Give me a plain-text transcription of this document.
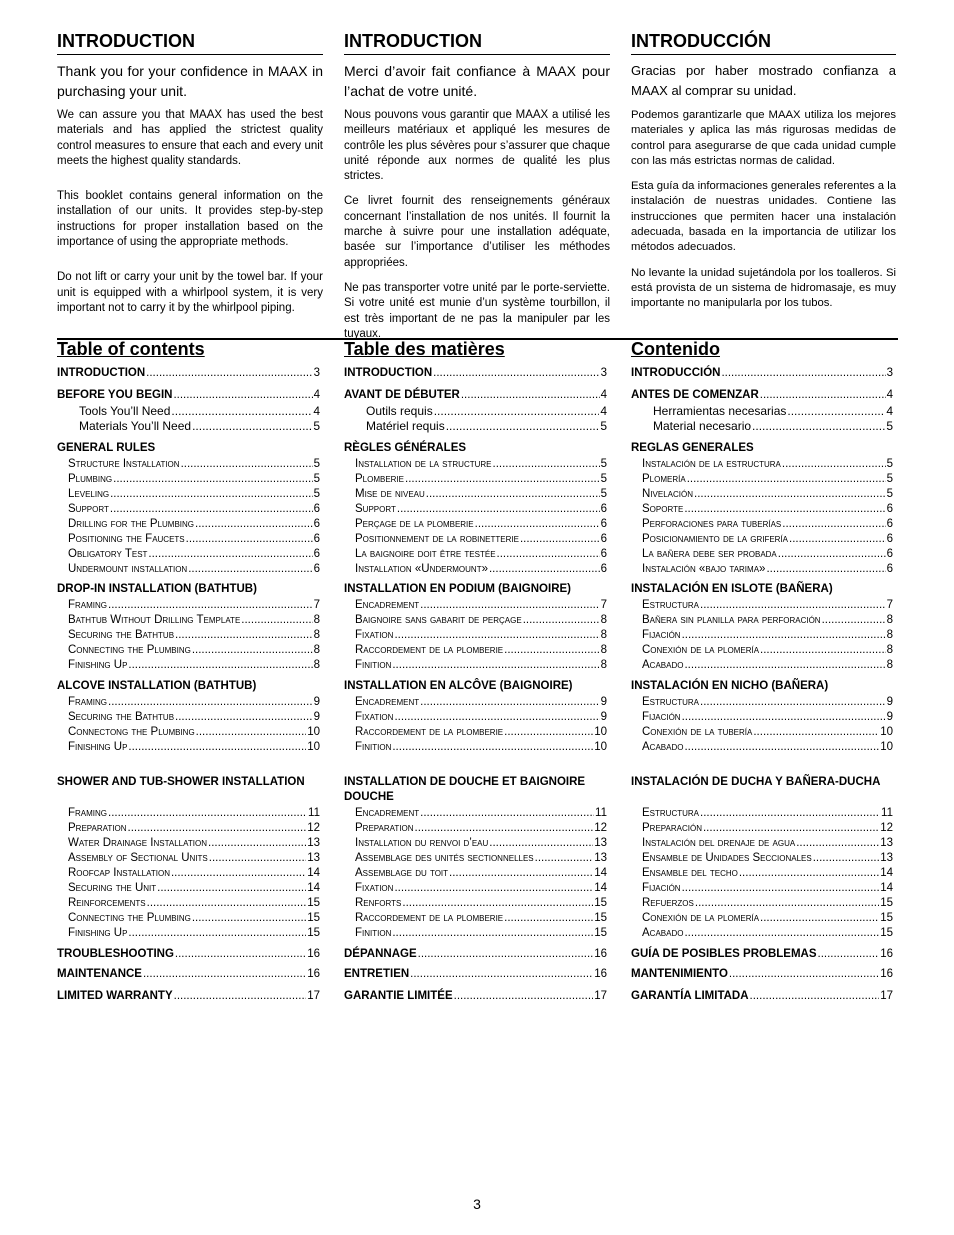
INTRODUCTION

Thank you for your confidence in MAAX in purchasing your unit.

We can assure you that MAAX has used the best materials and has applied the strictest quality control measures to ensure that each and every unit meets the highest quality standards.

This booklet contains general information on the installation of our units. It provides step-by-step instructions for proper installation based on the importance of using the appropriate methods.

Do not lift or carry your unit by the towel bar. If your unit is equipped with a whirlpool system, it is very important not to carry it by the whirlpool piping.

INTRODUCTION

Merci d’avoir fait confiance à MAAX pour l’achat de votre unité.

Nous pouvons vous garantir que MAAX a utilisé les meilleurs matériaux et appliqué les mesures de contrôle les plus sévères pour s’assurer que chaque unité réponde aux normes de qualité les plus strictes.

Ce livret fournit des renseignements généraux concernant l’installation de nos unités. Il fournit la marche à suivre pour une installation adéquate, basée sur l’importance d’utiliser les méthodes appropriées.

Ne pas transporter votre unité par le porte-serviette. Si votre unité est munie d’un système tourbillon, il est très important de ne pas la manipuler par les tuyaux.

INTRODUCCIÓN

Gracias por haber mostrado confianza a MAAX al comprar su unidad.

Podemos garantizarle que MAAX utiliza los mejores materiales y aplica las más rigurosas medidas de control para asegurarse de que cada unidad cumple con las más estrictas normas de calidad.

Esta guía da informaciones generales referentes a la instalación de nuestras unidades. Contiene las instrucciones que permiten hacer una instalación adecuada, basada en la importancia de utilizar los métodos adecuados.

No levante la unidad sujetándola por los toalleros. Si está provista de un sistema de hidromasaje, es muy importante no manipularla por los tubos.

Table of contents
INTRODUCTION .....	3
BEFORE YOU BEGIN .....	4
Tools You’ll Need .....	4
Materials You’ll Need .....	5
GENERAL RULES
Structure Installation .....	5
Plumbing .....	5
Leveling .....	5
Support .....	6
Drilling for the Plumbing .....	6
Positioning the Faucets .....	6
Obligatory Test .....	6
Undermount installation .....	6
DROP-IN INSTALLATION (BATHTUB)
Framing .....	7
Bathtub Without Drilling Template .....	8
Securing the Bathtub .....	8
Connecting the Plumbing .....	8
Finishing Up .....	8
ALCOVE INSTALLATION (BATHTUB)
Framing .....	9
Securing the Bathtub .....	9
Connectong the Plumbing .....	10
Finishing Up .....	10
SHOWER AND TUB-SHOWER INSTALLATION
Framing .....	11
Preparation .....	12
Water Drainage Installation .....	13
Assembly of Sectional Units .....	13
Roofcap Installation .....	14
Securing the Unit .....	14
Reinforcements .....	15
Connecting the Plumbing .....	15
Finishing Up .....	15
TROUBLESHOOTING .....	16
MAINTENANCE .....	16
LIMITED WARRANTY .....	17
Table des matières
INTRODUCTION .....	3
AVANT DE DÉBUTER .....	4
Outils requis .....	4
Matériel requis .....	5
RÈGLES GÉNÉRALES
Installation de la structure .....	5
Plomberie .....	5
Mise de niveau .....	5
Support .....	6
Perçage de la plomberie .....	6
Positionnement de la robinetterie .....	6
La baignoire doit être testée .....	6
Installation «Undermount» .....	6
INSTALLATION EN PODIUM (BAIGNOIRE)
Encadrement .....	7
Baignoire sans gabarit de perçage .....	8
Fixation .....	8
Raccordement de la plomberie .....	8
Finition .....	8
INSTALLATION EN ALCÔVE (BAIGNOIRE)
Encadrement .....	9
Fixation .....	9
Raccordement de la plomberie .....	10
Finition .....	10
INSTALLATION DE DOUCHE ET BAIGNOIRE DOUCHE
Encadrement .....	11
Preparation .....	12
Installation du renvoi d’eau .....	13
Assemblage des unités sectionnelles .....	13
Assemblage du toit .....	14
Fixation .....	14
Renforts .....	15
Raccordement de la plomberie .....	15
Finition .....	15
DÉPANNAGE .....	16
ENTRETIEN .....	16
GARANTIE LIMITÉE .....	17
Contenido
INTRODUCCIÓN .....	3
ANTES DE COMENZAR .....	4
Herramientas necesarias .....	4
Material necesario .....	5
REGLAS GENERALES
Instalación de la estructura .....	5
Plomería .....	5
Nivelación .....	5
Soporte .....	6
Perforaciones para tuberías .....	6
Posicionamiento de la grifería .....	6
La bañera debe ser probada .....	6
Instalación «bajo tarima» .....	6
INSTALACIÓN EN ISLOTE (BAÑERA)
Estructura .....	7
Bañera sin planilla para perforación .....	8
Fijación .....	8
Conexión de la plomería .....	8
Acabado .....	8
INSTALACIÓN EN NICHO (BAÑERA)
Estructura .....	9
Fijación .....	9
Conexión de la tubería .....	10
Acabado .....	10
INSTALACIÓN DE DUCHA Y BAÑERA-DUCHA
Estructura .....	11
Preparación .....	12
Instalación del drenaje de agua .....	13
Ensamble de Unidades Seccionales .....	13
Ensamble del techo .....	14
Fijación .....	14
Refuerzos .....	15
Conexión de la plomería .....	15
Acabado .....	15
GUÍA DE POSIBLES PROBLEMAS .....	16
MANTENIMIENTO .....	16
GARANTÍA LIMITADA .....	17
3
